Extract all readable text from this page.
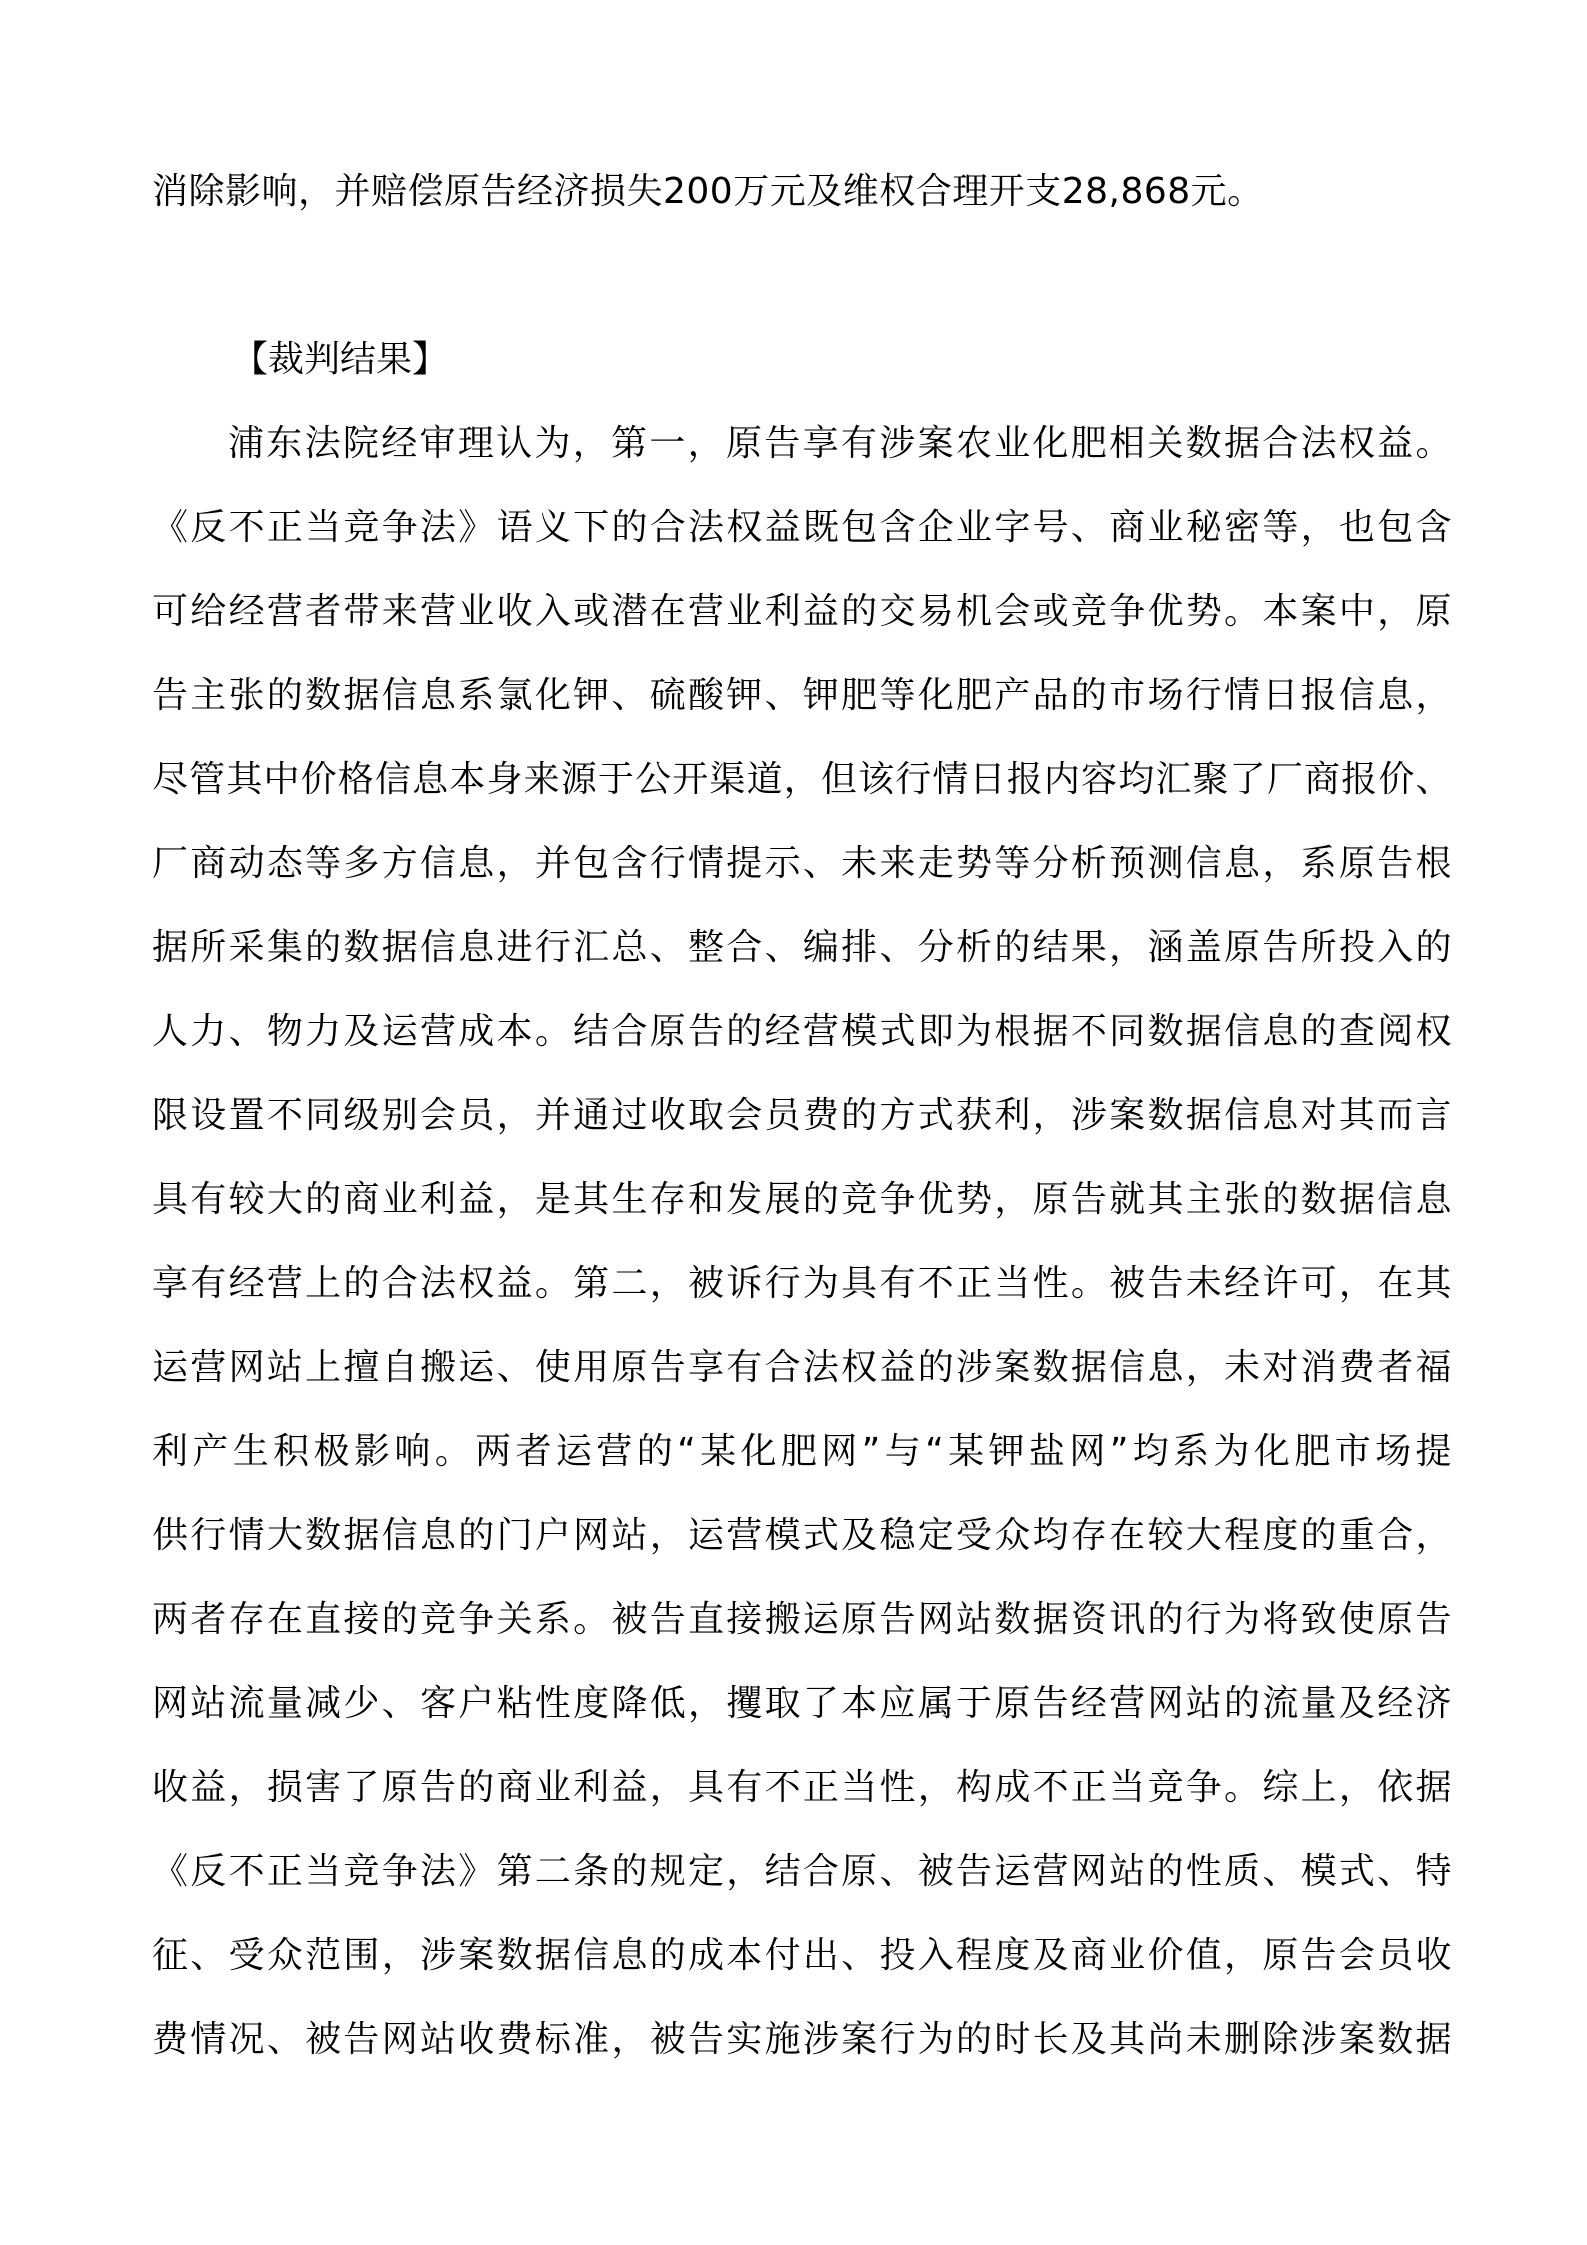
消除影响，并赔偿原告经济损失200万元及维权合理开支28,868元。
【裁判结果】
浦东法院经审理认为，第一，原告享有涉案农业化肥相关数据合法权益。
《反不正当竞争法》语义下的合法权益既包含企业字号、商业秘密等，也包含
可给经营者带来营业收入或潜在营业利益的交易机会或竞争优势。本案中，原
告主张的数据信息系氯化钾、硫酸钾、钾肥等化肥产品的市场行情日报信息，
尽管其中价格信息本身来源于公开渠道，但该行情日报内容均汇聚了厂商报价、
厂商动态等多方信息，并包含行情提示、未来走势等分析预测信息，系原告根
据所采集的数据信息进行汇总、整合、编排、分析的结果，涵盖原告所投入的
人力、物力及运营成本。结合原告的经营模式即为根据不同数据信息的查阅权
限设置不同级别会员，并通过收取会员费的方式获利，涉案数据信息对其而言
具有较大的商业利益，是其生存和发展的竞争优势，原告就其主张的数据信息
享有经营上的合法权益。第二，被诉行为具有不正当性。被告未经许可，在其
运营网站上擅自搬运、使用原告享有合法权益的涉案数据信息，未对消费者福
利产生积极影响。两者运营的“某化肥网”与“某钾盐网”均系为化肥市场提
供行情大数据信息的门户网站，运营模式及稳定受众均存在较大程度的重合，
两者存在直接的竞争关系。被告直接搬运原告网站数据资讯的行为将致使原告
网站流量减少、客户粘性度降低，攫取了本应属于原告经营网站的流量及经济
收益，损害了原告的商业利益，具有不正当性，构成不正当竞争。综上，依据
《反不正当竞争法》第二条的规定，结合原、被告运营网站的性质、模式、特
征、受众范围，涉案数据信息的成本付出、投入程度及商业价值，原告会员收
费情况、被告网站收费标准，被告实施涉案行为的时长及其尚未删除涉案数据
